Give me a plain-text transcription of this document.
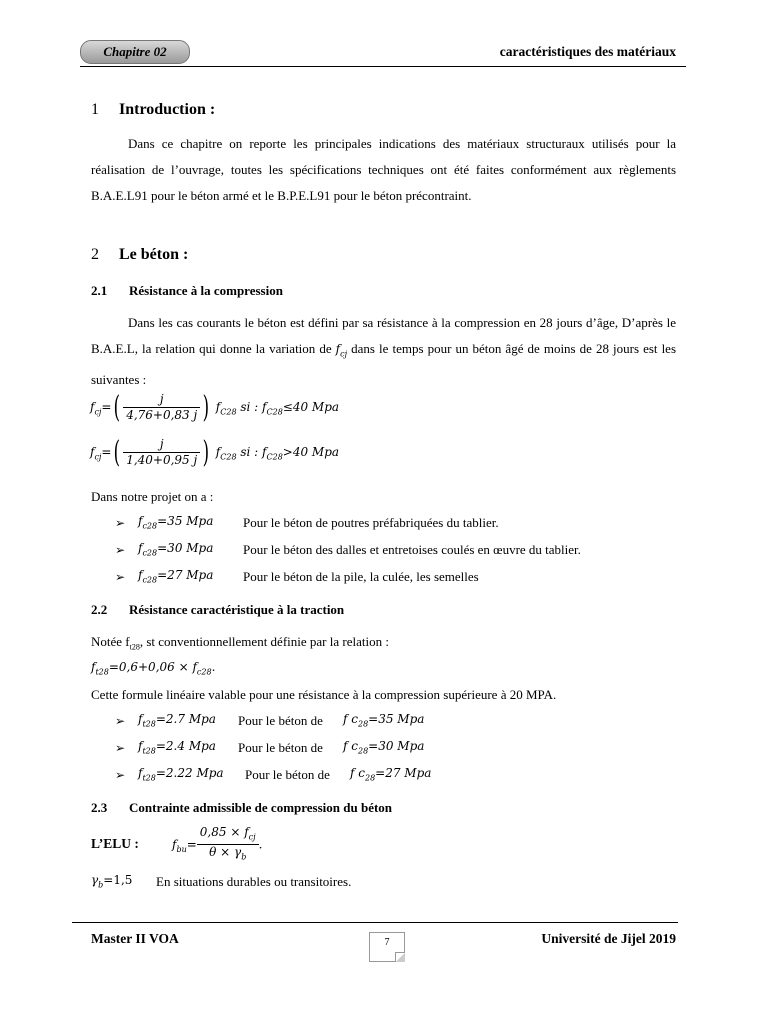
Chapitre 02	caractéristiques des matériaux
1 Introduction :
Dans ce chapitre on reporte les principales indications des matériaux structuraux utilisés pour la réalisation de l’ouvrage, toutes les spécifications techniques ont été faites conformément aux règlements B.A.E.L91 pour le béton armé et le B.P.E.L91 pour le béton précontraint.
2 Le béton :
2.1 Résistance à la compression
Dans les cas courants le béton est défini par sa résistance à la compression en 28 jours d’âge, D’après le B.A.E.L, la relation qui donne la variation de $f_{cj}$ dans le temps pour un béton âgé de moins de 28 jours est les suivantes :
$f_{cj}=( \frac{j}{4,76+0,83 j}$ ) $f_{C28}$ si : $f_{C28}\le 40$ Mpa
$f_{cj}=( \frac{j}{1,40+0,95 j}$ ) $f_{C28}$ si : $f_{C28}>40$ Mpa
Dans notre projet on a :
➢ $f_{c28}=35$ Mpa Pour le béton de poutres préfabriquées du tablier.
➢ $f_{c28}=30$ Mpa Pour le béton des dalles et entretoises coulés en œuvre du tablier.
➢ $f_{c28}=27$ Mpa Pour le béton de la pile, la culée, les semelles
2.2 Résistance caractéristique à la traction
Notée $f_{t28}$, st conventionnellement définie par la relation :
$f_{t28}=0,6+0,06 \times f_{c28}$.
Cette formule linéaire valable pour une résistance à la compression supérieure à 20 MPA.
➢ $f_{t28}=2.7$ Mpa Pour le béton de f $c_{28}=35$ Mpa
➢ $f_{t28}=2.4$ Mpa Pour le béton de f $c_{28}=30$ Mpa
➢ $f_{t28}=2.22$ Mpa Pour le béton de f $c_{28}=27$ Mpa
2.3 Contrainte admissible de compression du béton
L’ELU :	$f_{bu}= \frac{0,85 \times f_{cj}}{\theta \times \gamma_b}$ .
$\gamma_b=1,5$ En situations durables ou transitoires.
Master II VOA	7	Université de Jijel 2019
